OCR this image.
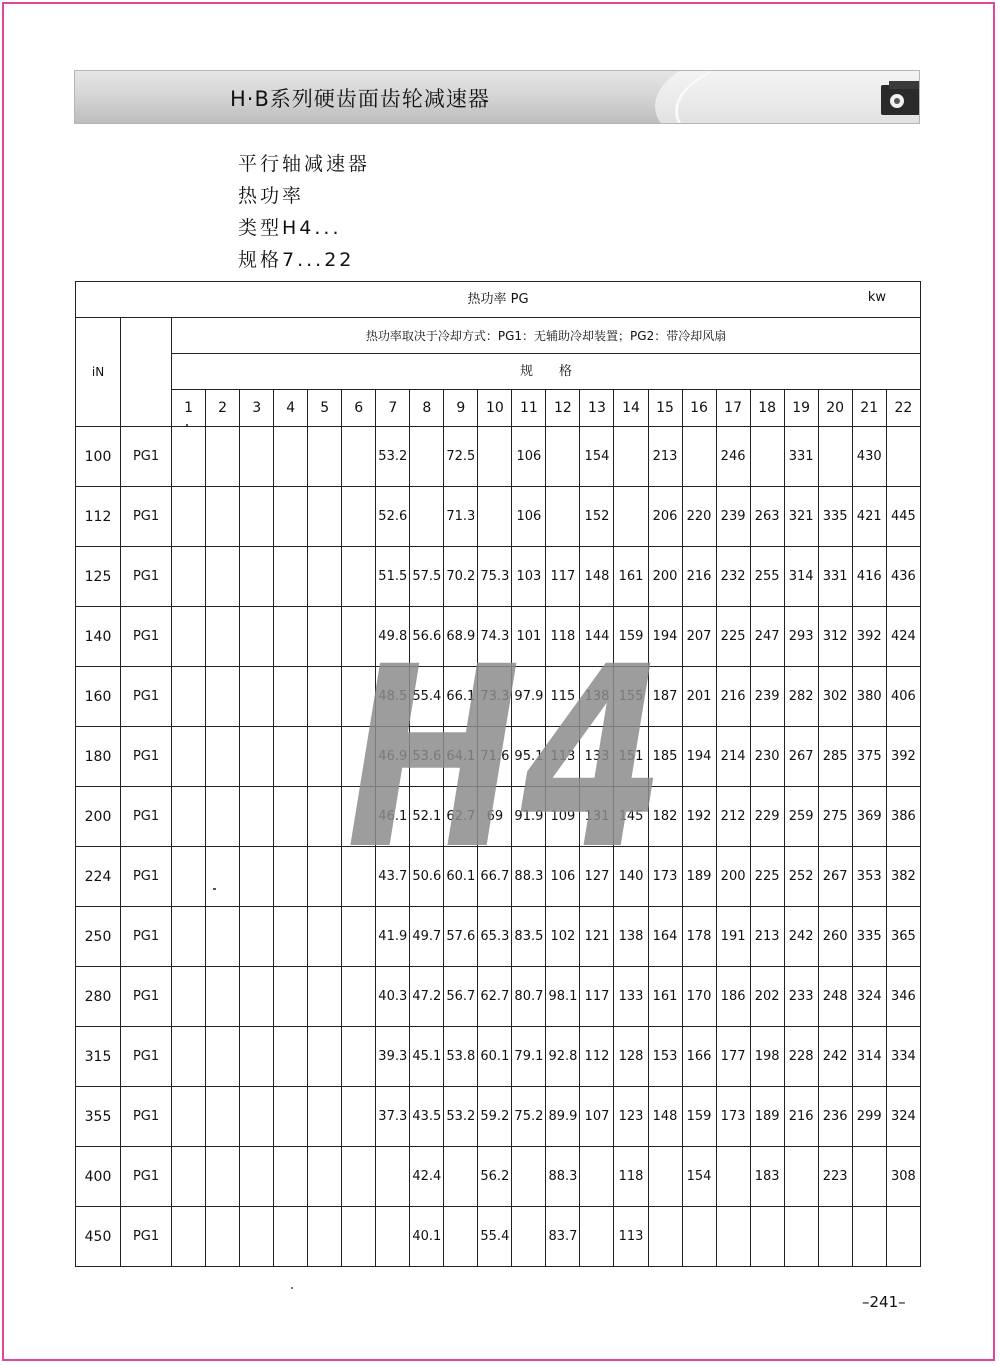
H·B系列硬齿面齿轮减速器
平行轴减速器
热功率
类型H4...
规格7...22
热功率 PG kw																							

iN		热功率取决于冷却方式：PG1：无辅助冷却装置；PG2：带冷却风扇																					
		规　　格																					
		1	2	3	4	5	6	7	8	9	10	11	12	13	14	15	16	17	18	19	20	21	22
100	PG1							53.2		72.5		106		154		213		246		331		430	
112	PG1							52.6		71.3		106		152		206	220	239	263	321	335	421	445
125	PG1							51.5	57.5	70.2	75.3	103	117	148	161	200	216	232	255	314	331	416	436
140	PG1							49.8	56.6	68.9	74.3	101	118	144	159	194	207	225	247	293	312	392	424
160	PG1							48.5	55.4	66.1	73.3	97.9	115	138	155	187	201	216	239	282	302	380	406
180	PG1							46.9	53.6	64.1	71.6	95.1	113	133	151	185	194	214	230	267	285	375	392
200	PG1							46.1	52.1	62.7	69	91.9	109	131	145	182	192	212	229	259	275	369	386
224	PG1							43.7	50.6	60.1	66.7	88.3	106	127	140	173	189	200	225	252	267	353	382
250	PG1							41.9	49.7	57.6	65.3	83.5	102	121	138	164	178	191	213	242	260	335	365
280	PG1							40.3	47.2	56.7	62.7	80.7	98.1	117	133	161	170	186	202	233	248	324	346
315	PG1							39.3	45.1	53.8	60.1	79.1	92.8	112	128	153	166	177	198	228	242	314	334
355	PG1							37.3	43.5	53.2	59.2	75.2	89.9	107	123	148	159	173	189	216	236	299	324
400	PG1								42.4		56.2		88.3		118		154		183		223		308
450	PG1								40.1		55.4		83.7		113								
H4
–241–
